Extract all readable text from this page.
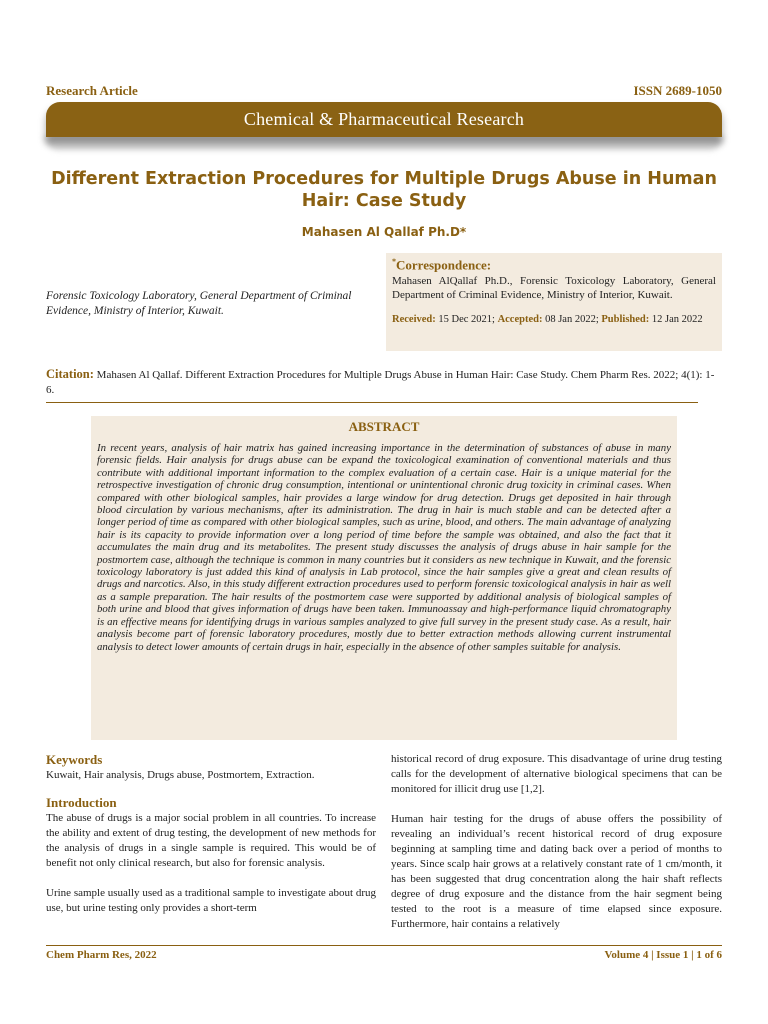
Research Article	ISSN 2689-1050
Chemical & Pharmaceutical Research
Different Extraction Procedures for Multiple Drugs Abuse in Human Hair: Case Study
Mahasen Al Qallaf Ph.D*
Forensic Toxicology Laboratory, General Department of Criminal Evidence, Ministry of Interior, Kuwait.
*Correspondence:
Mahasen AlQallaf Ph.D., Forensic Toxicology Laboratory, General Department of Criminal Evidence, Ministry of Interior, Kuwait.
Received: 15 Dec 2021; Accepted: 08 Jan 2022; Published: 12 Jan 2022
Citation: Mahasen Al Qallaf. Different Extraction Procedures for Multiple Drugs Abuse in Human Hair: Case Study. Chem Pharm Res. 2022; 4(1): 1-6.
ABSTRACT
In recent years, analysis of hair matrix has gained increasing importance in the determination of substances of abuse in many forensic fields. Hair analysis for drugs abuse can be expand the toxicological examination of conventional materials and thus contribute with additional important information to the complex evaluation of a certain case. Hair is a unique material for the retrospective investigation of chronic drug consumption, intentional or unintentional chronic drug toxicity in criminal cases. When compared with other biological samples, hair provides a large window for drug detection. Drugs get deposited in hair through blood circulation by various mechanisms, after its administration. The drug in hair is much stable and can be detected after a longer period of time as compared with other biological samples, such as urine, blood, and others. The main advantage of analyzing hair is its capacity to provide information over a long period of time before the sample was obtained, and also the fact that it accumulates the main drug and its metabolites. The present study discusses the analysis of drugs abuse in hair sample for the postmortem case, although the technique is common in many countries but it considers as new technique in Kuwait, and the forensic toxicology laboratory is just added this kind of analysis in Lab protocol, since the hair samples give a great and clean results of drugs and narcotics. Also, in this study different extraction procedures used to perform forensic toxicological analysis in hair as well as a sample preparation. The hair results of the postmortem case were supported by additional analysis of biological samples of both urine and blood that gives information of drugs have been taken. Immunoassay and high-performance liquid chromatography is an effective means for identifying drugs in various samples analyzed to give full survey in the present study case. As a result, hair analysis become part of forensic laboratory procedures, mostly due to better extraction methods allowing current instrumental analysis to detect lower amounts of certain drugs in hair, especially in the absence of other samples suitable for analysis.
Keywords
Kuwait, Hair analysis, Drugs abuse, Postmortem, Extraction.
Introduction
The abuse of drugs is a major social problem in all countries. To increase the ability and extent of drug testing, the development of new methods for the analysis of drugs in a single sample is required. This would be of benefit not only clinical research, but also for forensic analysis.
Urine sample usually used as a traditional sample to investigate about drug use, but urine testing only provides a short-term
historical record of drug exposure. This disadvantage of urine drug testing calls for the development of alternative biological specimens that can be monitored for illicit drug use [1,2].
Human hair testing for the drugs of abuse offers the possibility of revealing an individual’s recent historical record of drug exposure beginning at sampling time and dating back over a period of months to years. Since scalp hair grows at a relatively constant rate of 1 cm/month, it has been suggested that drug concentration along the hair shaft reflects degree of drug exposure and the distance from the hair segment being tested to the root is a measure of time elapsed since exposure. Furthermore, hair contains a relatively
Chem Pharm Res, 2022	Volume 4 | Issue 1 | 1 of 6
